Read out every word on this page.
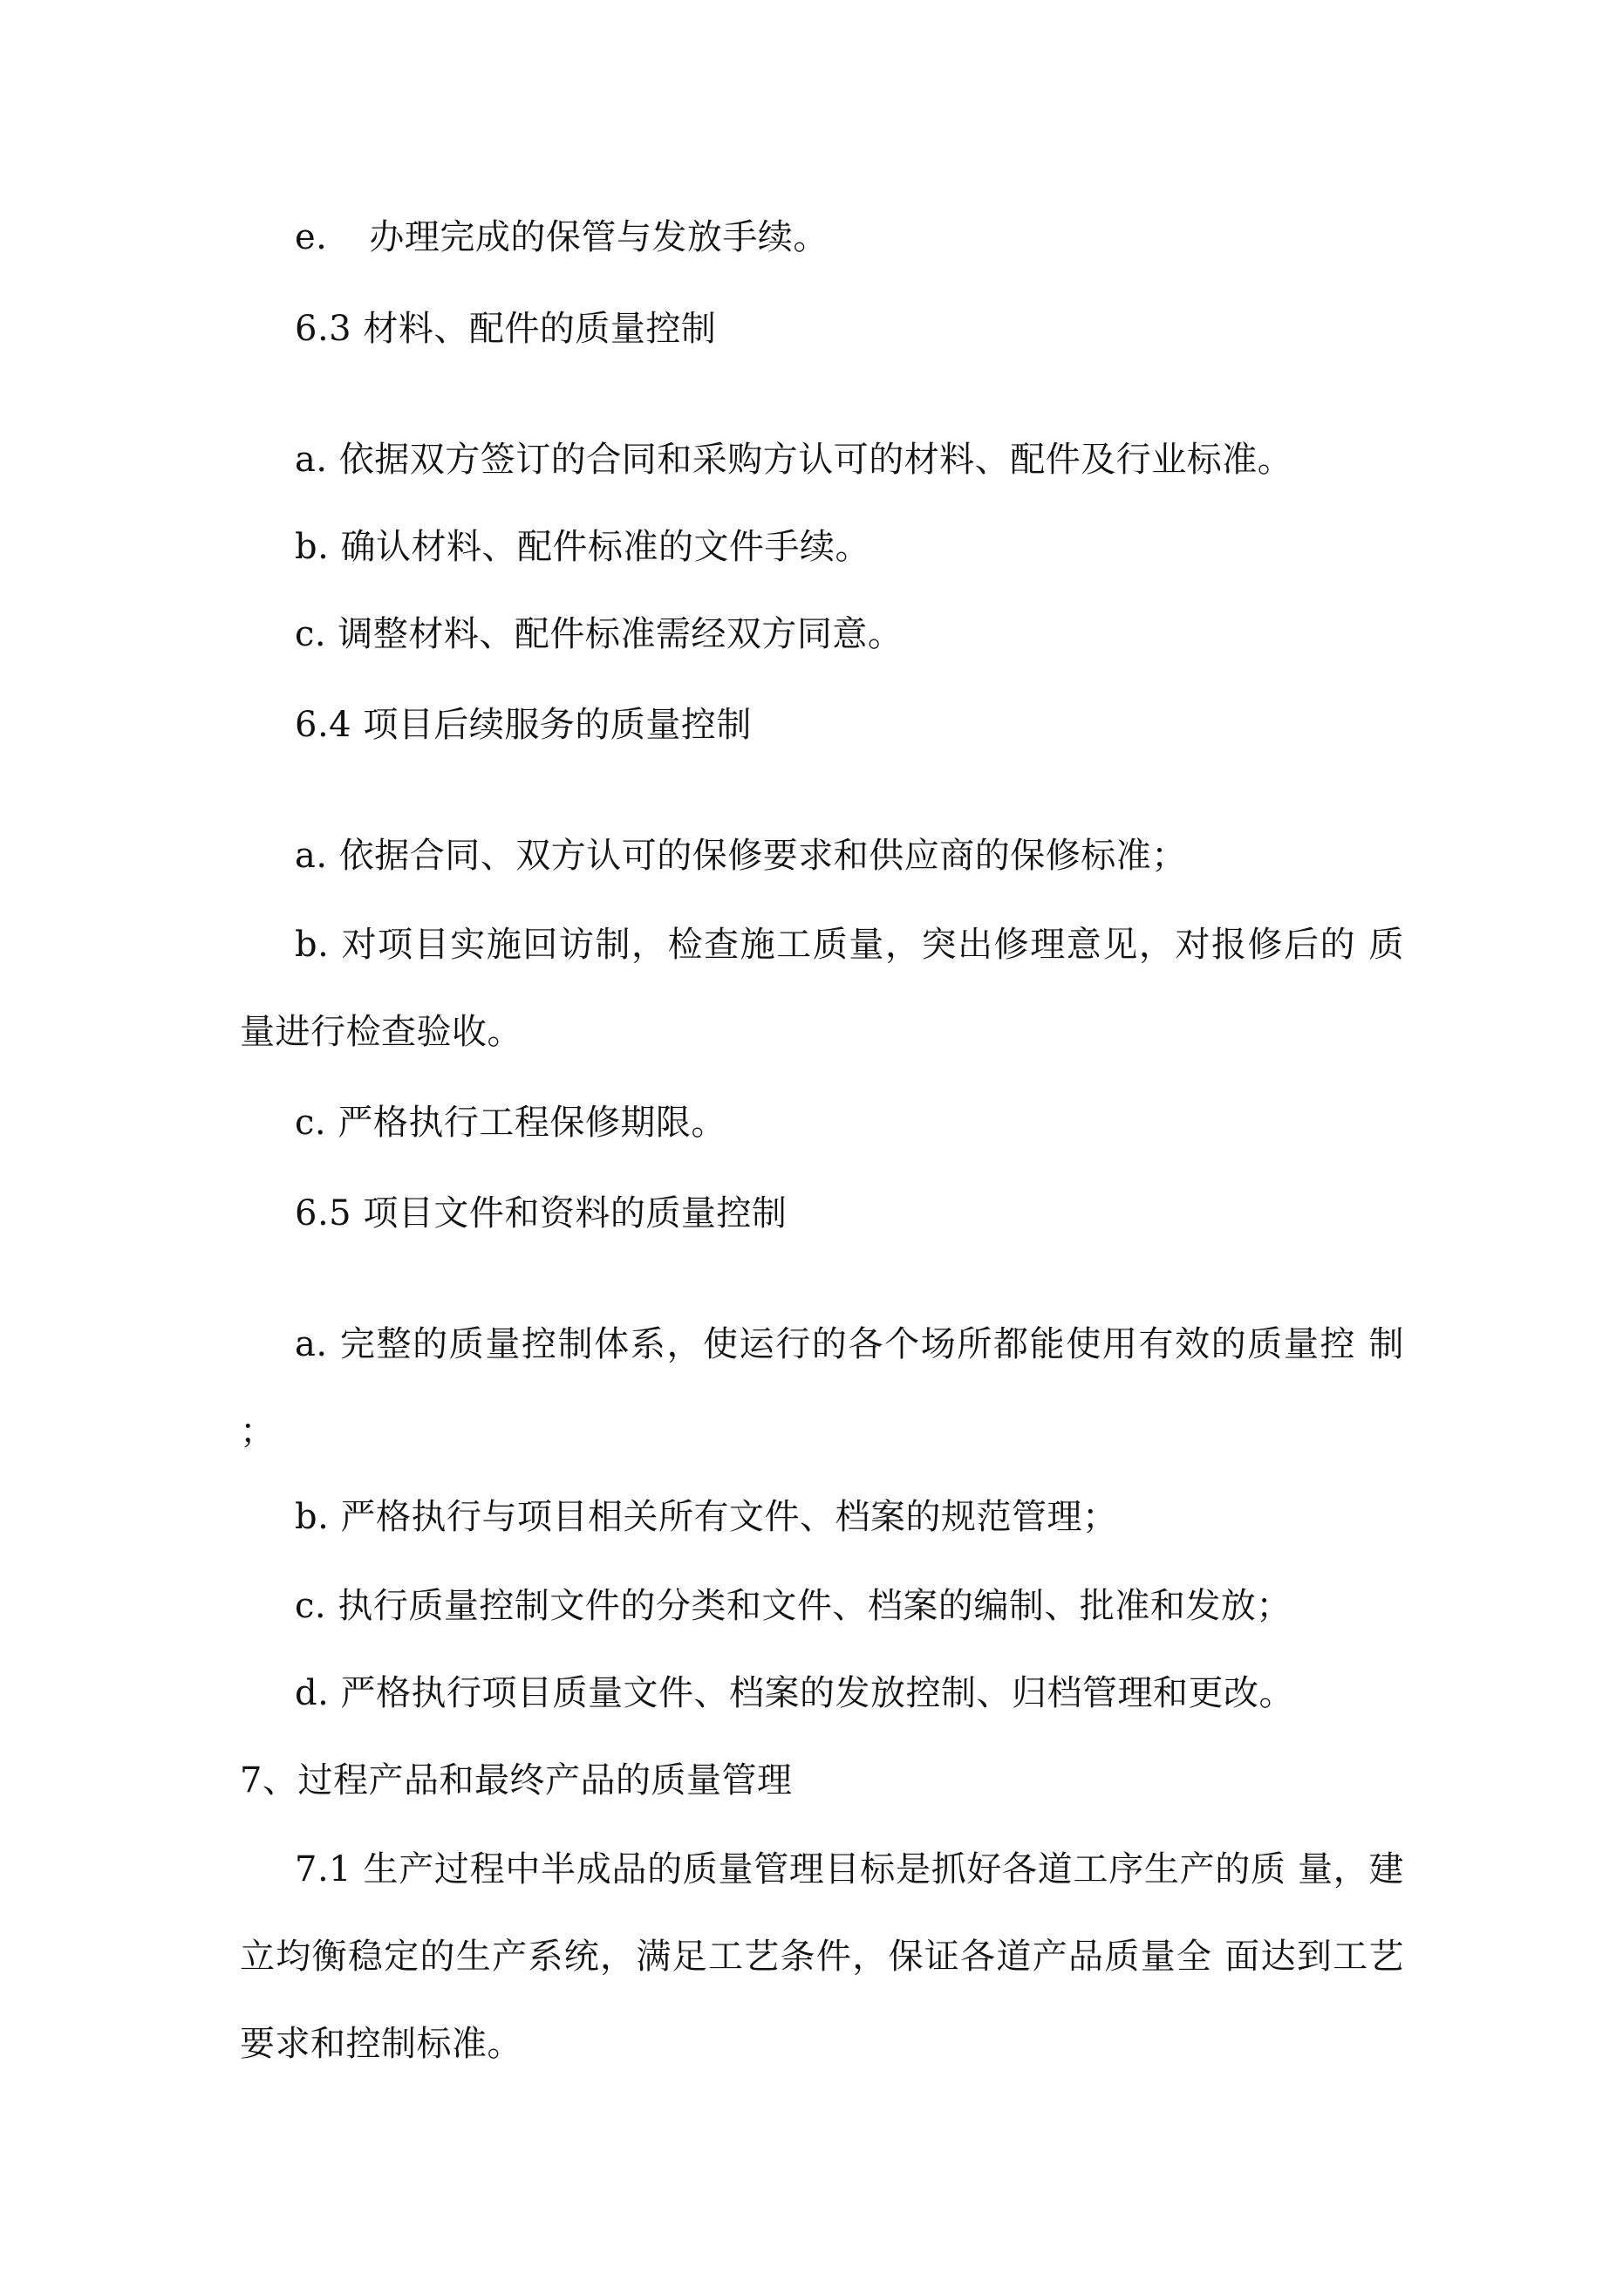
e. 办理完成的保管与发放手续。
6.3 材料、配件的质量控制
a. 依据双方签订的合同和采购方认可的材料、配件及行业标准。
b. 确认材料、配件标准的文件手续。
c. 调整材料、配件标准需经双方同意。
6.4 项目后续服务的质量控制
a. 依据合同、双方认可的保修要求和供应商的保修标准；
b. 对项目实施回访制，检查施工质量，突出修理意见，对报修后的 质
量进行检查验收。
c. 严格执行工程保修期限。
6.5 项目文件和资料的质量控制
a. 完整的质量控制体系，使运行的各个场所都能使用有效的质量控 制
；
b. 严格执行与项目相关所有文件、档案的规范管理；
c. 执行质量控制文件的分类和文件、档案的编制、批准和发放；
d. 严格执行项目质量文件、档案的发放控制、归档管理和更改。
7、过程产品和最终产品的质量管理
7.1 生产过程中半成品的质量管理目标是抓好各道工序生产的质 量，建
立均衡稳定的生产系统，满足工艺条件，保证各道产品质量全 面达到工艺
要求和控制标准。
